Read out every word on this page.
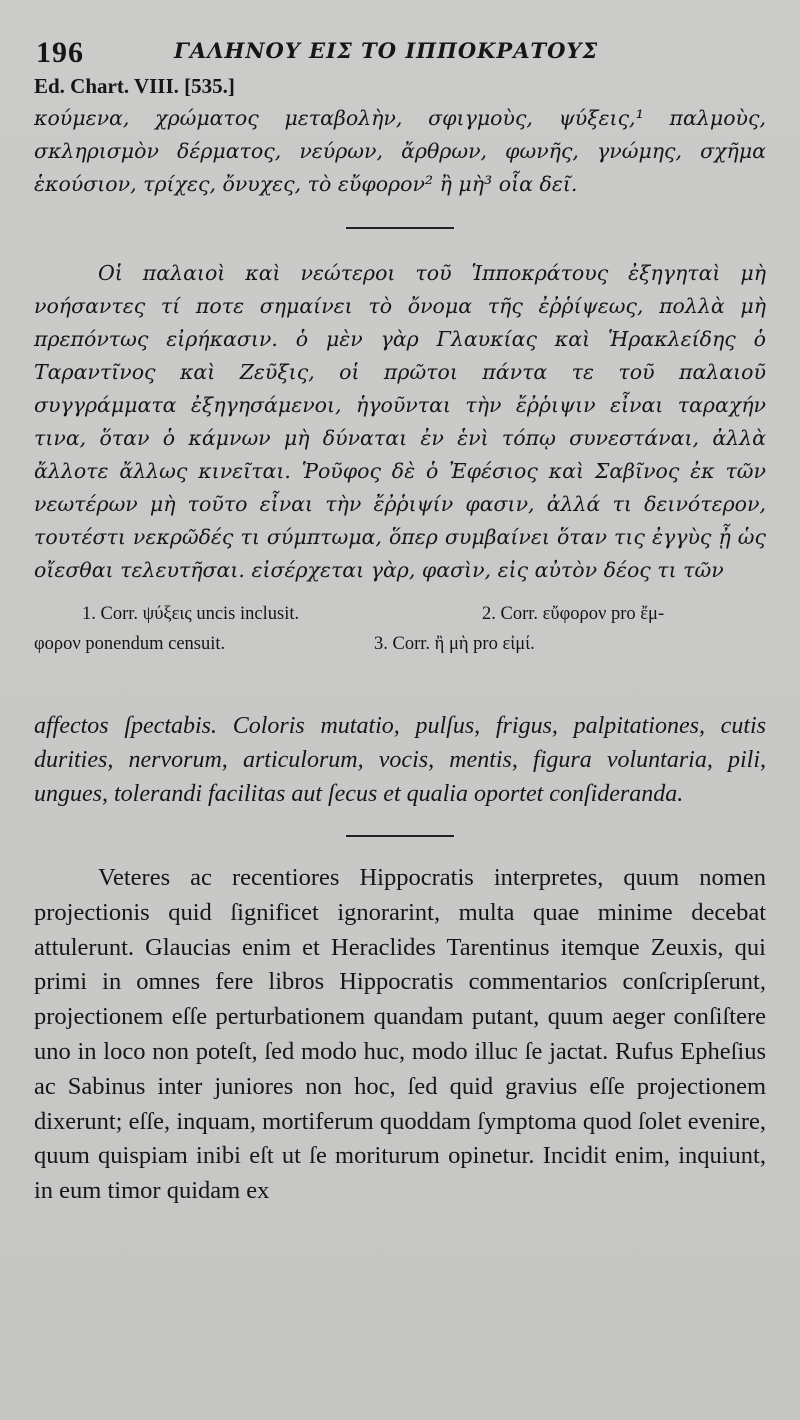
196	ΓΑΛΗΝΟΥ ΕΙΣ ΤΟ ΙΠΠΟΚΡΑΤΟΥΣ
Ed. Chart. VIII. [535.]

κούμενα, χρώματος μεταβολὴν, σφιγμοὺς, ψύξεις,¹ παλμοὺς, σκληρισμὸν δέρματος, νεύρων, ἄρθρων, φωνῆς, γνώμης, σχῆμα ἑκούσιον, τρίχες, ὄνυχες, τὸ εὔφορον² ἢ μὴ³ οἷα δεῖ.

Οἱ παλαιοὶ καὶ νεώτεροι τοῦ Ἱπποκράτους ἐξηγηταὶ μὴ νοήσαντες τί ποτε σημαίνει τὸ ὄνομα τῆς ἐῤῥίψεως, πολλὰ μὴ πρεπόντως εἰρήκασιν. ὁ μὲν γὰρ Γλαυκίας καὶ Ἡρακλείδης ὁ Ταραντῖνος καὶ Ζεῦξις, οἱ πρῶτοι πάντα τε τοῦ παλαιοῦ συγγράμματα ἐξηγησάμενοι, ἡγοῦνται τὴν ἔῤῥιψιν εἶναι ταραχήν τινα, ὅταν ὁ κάμνων μὴ δύναται ἐν ἑνὶ τόπῳ συνεστάναι, ἀλλὰ ἄλλοτε ἄλλως κινεῖται. Ῥοῦφος δὲ ὁ Ἐφέσιος καὶ Σαβῖνος ἐκ τῶν νεωτέρων μὴ τοῦτο εἶναι τὴν ἔῤῥιψίν φασιν, ἀλλά τι δεινότερον, τουτέστι νεκρῶδές τι σύμπτωμα, ὅπερ συμβαίνει ὅταν τις ἐγγὺς ᾖ ὡς οἴεσθαι τελευτῆσαι. εἰσέρχεται γὰρ, φασὶν, εἰς αὐτὸν δέος τι τῶν

1. Corr. ψύξεις uncis inclusit.	2. Corr. εὔφορον pro ἔμ-
φορον ponendum censuit.	3. Corr. ἢ μὴ pro εἰμί.

affectos ſpectabis. Coloris mutatio, pulſus, frigus, palpitationes, cutis durities, nervorum, articulorum, vocis, mentis, figura voluntaria, pili, ungues, tolerandi facilitas aut ſecus et qualia oportet conſideranda.

Veteres ac recentiores Hippocratis interpretes, quum nomen projectionis quid ſignificet ignorarint, multa quae minime decebat attulerunt. Glaucias enim et Heraclides Tarentinus itemque Zeuxis, qui primi in omnes fere libros Hippocratis commentarios conſcripſerunt, projectionem eſſe perturbationem quandam putant, quum aeger conſiſtere uno in loco non poteſt, ſed modo huc, modo illuc ſe jactat. Rufus Epheſius ac Sabinus inter juniores non hoc, ſed quid gravius eſſe projectionem dixerunt; eſſe, inquam, mortiferum quoddam ſymptoma quod ſolet evenire, quum quispiam inibi eſt ut ſe moriturum opinetur. Incidit enim, inquiunt, in eum timor quidam ex
